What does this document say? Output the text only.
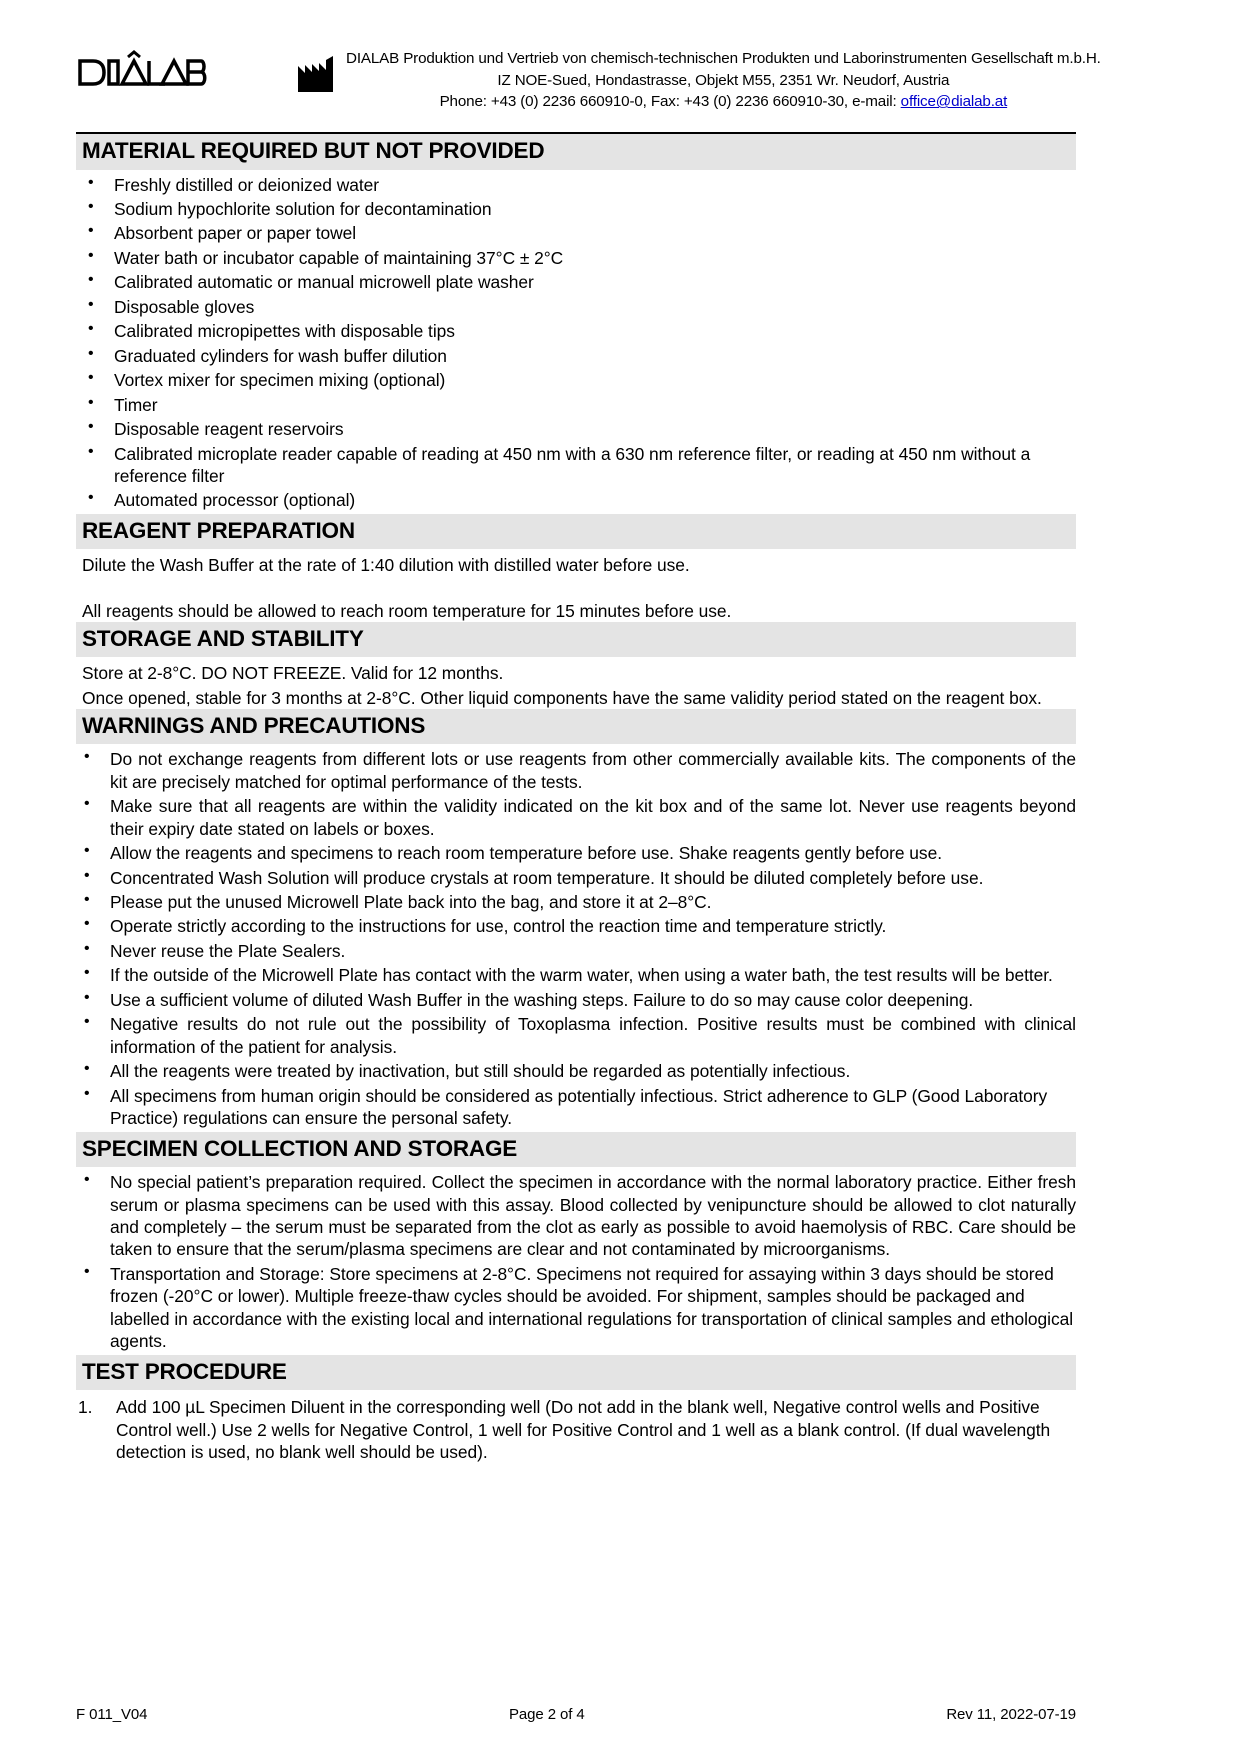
DIALAB Produktion und Vertrieb von chemisch-technischen Produkten und Laborinstrumenten Gesellschaft m.b.H.
IZ NOE-Sued, Hondastrasse, Objekt M55, 2351 Wr. Neudorf, Austria
Phone: +43 (0) 2236 660910-0, Fax: +43 (0) 2236 660910-30, e-mail: office@dialab.at
MATERIAL REQUIRED BUT NOT PROVIDED
• Freshly distilled or deionized water
• Sodium hypochlorite solution for decontamination
• Absorbent paper or paper towel
• Water bath or incubator capable of maintaining 37°C ± 2°C
• Calibrated automatic or manual microwell plate washer
• Disposable gloves
• Calibrated micropipettes with disposable tips
• Graduated cylinders for wash buffer dilution
• Vortex mixer for specimen mixing (optional)
• Timer
• Disposable reagent reservoirs
• Calibrated microplate reader capable of reading at 450 nm with a 630 nm reference filter, or reading at 450 nm without a reference filter
• Automated processor (optional)
REAGENT PREPARATION

Dilute the Wash Buffer at the rate of 1:40 dilution with distilled water before use.

All reagents should be allowed to reach room temperature for 15 minutes before use.

STORAGE AND STABILITY

Store at 2-8°C. DO NOT FREEZE. Valid for 12 months.

Once opened, stable for 3 months at 2-8°C. Other liquid components have the same validity period stated on the reagent box.

WARNINGS AND PRECAUTIONS
• Do not exchange reagents from different lots or use reagents from other commercially available kits. The components of the kit are precisely matched for optimal performance of the tests.
• Make sure that all reagents are within the validity indicated on the kit box and of the same lot. Never use reagents beyond their expiry date stated on labels or boxes.
• Allow the reagents and specimens to reach room temperature before use. Shake reagents gently before use.
• Concentrated Wash Solution will produce crystals at room temperature. It should be diluted completely before use.
• Please put the unused Microwell Plate back into the bag, and store it at 2–8°C.
• Operate strictly according to the instructions for use, control the reaction time and temperature strictly.
• Never reuse the Plate Sealers.
• If the outside of the Microwell Plate has contact with the warm water, when using a water bath, the test results will be better.
• Use a sufficient volume of diluted Wash Buffer in the washing steps. Failure to do so may cause color deepening.
• Negative results do not rule out the possibility of Toxoplasma infection. Positive results must be combined with clinical information of the patient for analysis.
• All the reagents were treated by inactivation, but still should be regarded as potentially infectious.
• All specimens from human origin should be considered as potentially infectious. Strict adherence to GLP (Good Laboratory Practice) regulations can ensure the personal safety.
SPECIMEN COLLECTION AND STORAGE
• No special patient’s preparation required. Collect the specimen in accordance with the normal laboratory practice. Either fresh serum or plasma specimens can be used with this assay. Blood collected by venipuncture should be allowed to clot naturally and completely – the serum must be separated from the clot as early as possible to avoid haemolysis of RBC. Care should be taken to ensure that the serum/plasma specimens are clear and not contaminated by microorganisms.
• Transportation and Storage: Store specimens at 2-8°C. Specimens not required for assaying within 3 days should be stored frozen (-20°C or lower). Multiple freeze-thaw cycles should be avoided. For shipment, samples should be packaged and labelled in accordance with the existing local and international regulations for transportation of clinical samples and ethological agents.
TEST PROCEDURE
Add 100 µL Specimen Diluent in the corresponding well (Do not add in the blank well, Negative control wells and Positive Control well.) Use 2 wells for Negative Control, 1 well for Positive Control and 1 well as a blank control. (If dual wavelength detection is used, no blank well should be used).
F 011_V04	Page 2 of 4	Rev 11, 2022-07-19
